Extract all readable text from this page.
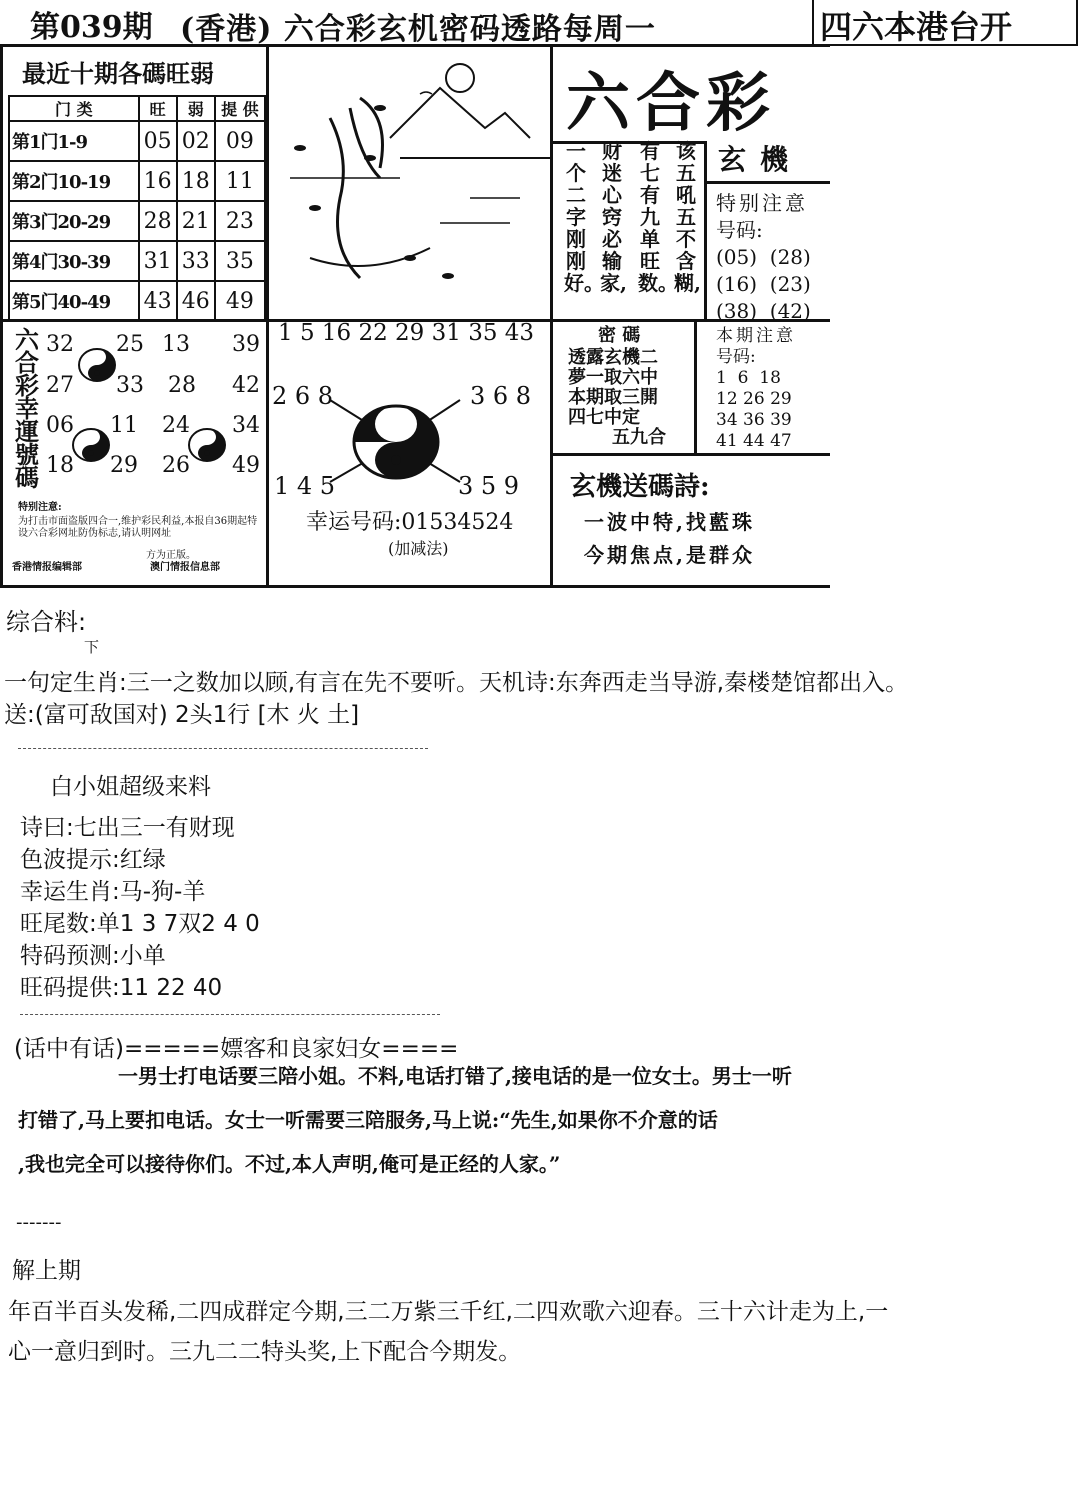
第039期 (香港) 六合彩玄机密码透路每周一	四六本港台开
最近十期各碼旺弱
门 类	旺	弱	提 供
第1门1-9	05	02	09
第2门10-19	16	18	11
第3门20-29	28	21	23
第4门30-39	31	33	35
第5门40-49	43	46	49
六合彩幸運號碼
32 25 13 39
27 33 28 42
06 11 24 34
18 29 26 49
特别注意:
为打击市面盗版四合一,维护彩民利益,本报自36期起特设六合彩网址防伪标志,请认明网址
方为正版。
香港情报编辑部	澳门情报信息部
1 5 16 22 29 31 35 43
2 6 8	3 6 8
1 4 5	3 5 9
幸运号码:01534524
(加减法)
六合彩
玄機
一个二字刚刚好。
财迷心窍必输家,
有七有九单旺数。
该五吼五不含糊,
特别注意
号码:
(05)  (28)
(16)  (23)
(38)  (42)
密 碼
透露玄機二
夢一取六中
本期取三開
四七中定
五九合
本期注意
号码:
1  6  18
12 26 29
34 36 39
41 44 47
玄機送碼詩:
一波中特,找藍珠
今期焦点,是群众
综合料:
下
一句定生肖:三一之数加以顾,有言在先不要听。天机诗:东奔西走当导游,秦楼楚馆都出入。
送:(富可敌国对) 2头1行 [木 火 土]
白小姐超级来料
诗曰:七出三一有财现
色波提示:红绿
幸运生肖:马-狗-羊
旺尾数:单1 3 7双2 4 0
特码预测:小单
旺码提供:11 22 40
(话中有话)=====嫖客和良家妇女====
一男士打电话要三陪小姐。不料,电话打错了,接电话的是一位女士。男士一听
打错了,马上要扣电话。女士一听需要三陪服务,马上说:“先生,如果你不介意的话
,我也完全可以接待你们。不过,本人声明,俺可是正经的人家。”
-------
解上期
年百半百头发稀,二四成群定今期,三二万紫三千红,二四欢歌六迎春。三十六计走为上,一
心一意归到时。三九二二特头奖,上下配合今期发。
